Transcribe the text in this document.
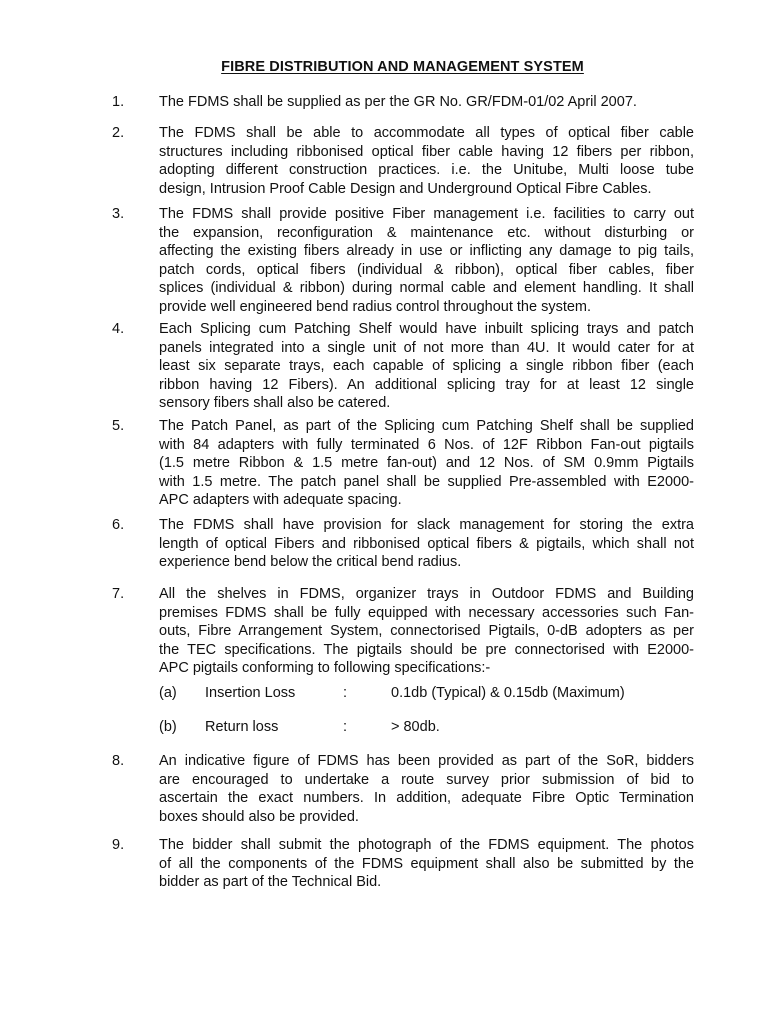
FIBRE DISTRIBUTION AND MANAGEMENT SYSTEM
1. The FDMS shall be supplied as per the GR No. GR/FDM-01/02 April 2007.
2. The FDMS shall be able to accommodate all types of optical fiber cable
structures including ribbonised optical fiber cable having 12 fibers per ribbon,
adopting different construction practices. i.e. the Unitube, Multi loose tube
design, Intrusion Proof Cable Design and Underground Optical Fibre Cables.
3. The FDMS shall provide positive Fiber management i.e. facilities to carry out
the expansion, reconfiguration & maintenance etc. without disturbing or
affecting the existing fibers already in use or inflicting any damage to pig tails,
patch cords, optical fibers (individual & ribbon), optical fiber cables, fiber
splices (individual & ribbon) during normal cable and element handling. It shall
provide well engineered bend radius control throughout the system.
4. Each Splicing cum Patching Shelf would have inbuilt splicing trays and patch
panels integrated into a single unit of not more than 4U. It would cater for at
least six separate trays, each capable of splicing a single ribbon fiber (each
ribbon having 12 Fibers). An additional splicing tray for at least 12 single
sensory fibers shall also be catered.
5. The Patch Panel, as part of the Splicing cum Patching Shelf shall be supplied
with 84 adapters with fully terminated 6 Nos. of 12F Ribbon Fan-out pigtails
(1.5 metre Ribbon & 1.5 metre fan-out) and 12 Nos. of SM 0.9mm Pigtails
with 1.5 metre. The patch panel shall be supplied Pre-assembled with E2000-
APC adapters with adequate spacing.
6. The FDMS shall have provision for slack management for storing the extra
length of optical Fibers and ribbonised optical fibers & pigtails, which shall not
experience bend below the critical bend radius.
7. All the shelves in FDMS, organizer trays in Outdoor FDMS and Building
premises FDMS shall be fully equipped with necessary accessories such Fan-
outs, Fibre Arrangement System, connectorised Pigtails, 0-dB adopters as per
the TEC specifications. The pigtails should be pre connectorised with E2000-
APC pigtails conforming to following specifications:-
(a) Insertion Loss	:	0.1db (Typical) & 0.15db (Maximum)
(b) Return loss	:	> 80db.
8. An indicative figure of FDMS has been provided as part of the SoR, bidders
are encouraged to undertake a route survey prior submission of bid to
ascertain the exact numbers. In addition, adequate Fibre Optic Termination
boxes should also be provided.
9. The bidder shall submit the photograph of the FDMS equipment. The photos
of all the components of the FDMS equipment shall also be submitted by the
bidder as part of the Technical Bid.
